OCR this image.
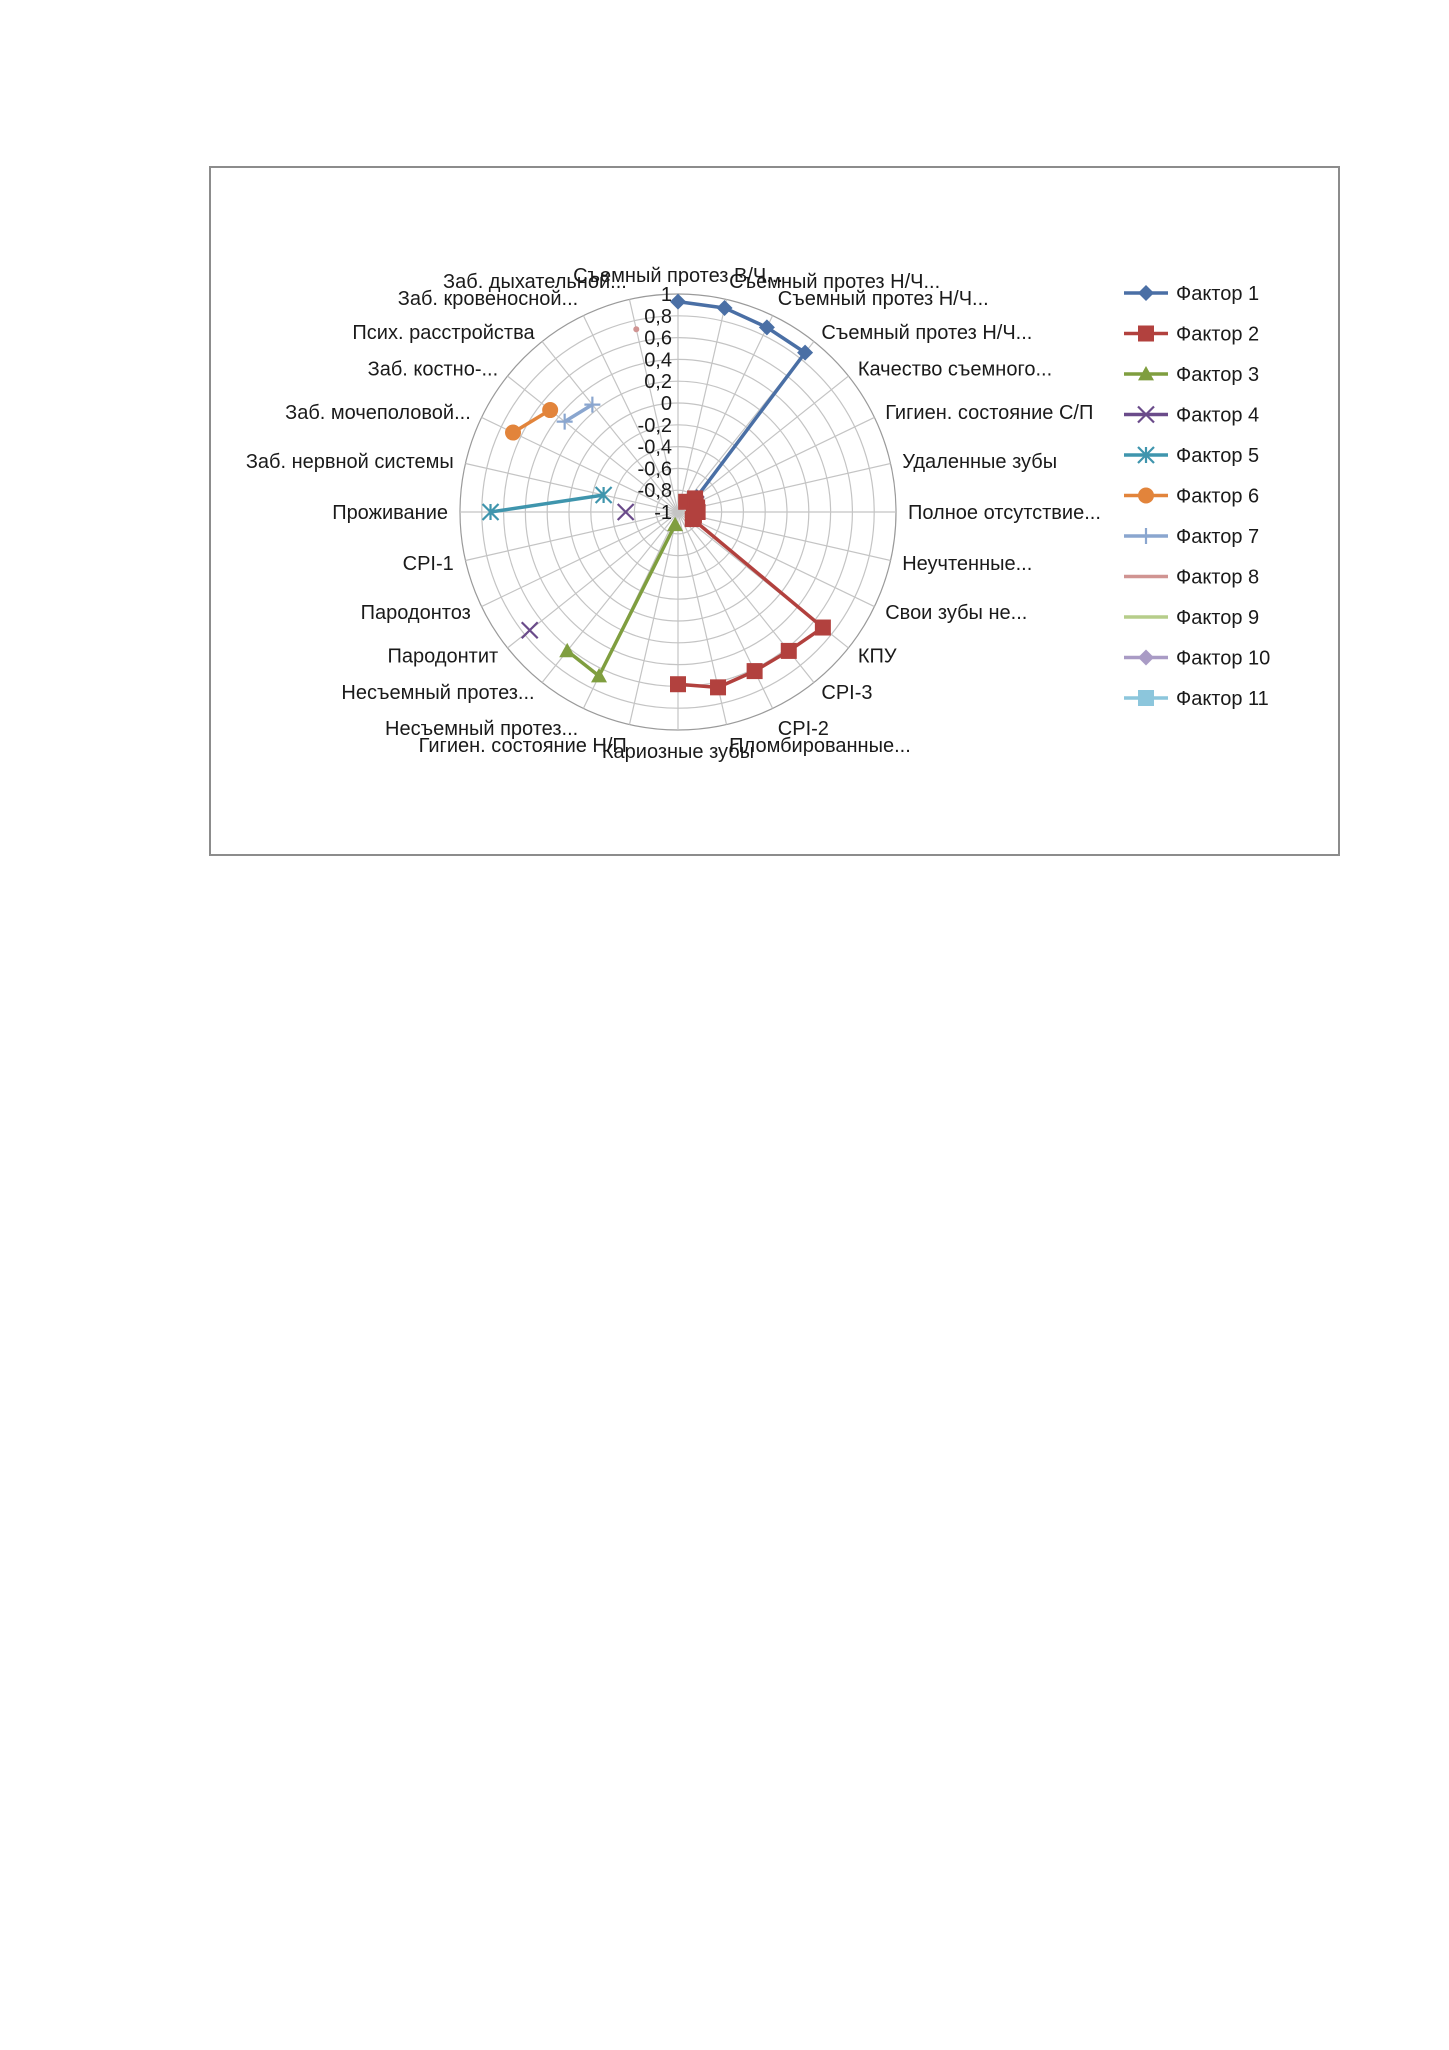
-1
-0,8
-0,6
-0,4
-0,2
0
0,2
0,4
0,6
0,8
1
Съемный протез В/Ч...
Съемный протез Н/Ч...
Съемный протез Н/Ч...
Съемный протез Н/Ч...
Качество съемного...
Гигиен. состояние С/П
Удаленные зубы
Полное отсутствие...
Неучтенные...
Свои зубы не...
КПУ
CPI-3
CPI-2
Пломбированные...
Кариозные зубы
Гигиен. состояние Н/П
Несъемный протез...
Несъемный протез...
Пародонтит
Пародонтоз
CPI-1
Проживание
Заб. нервной системы
Заб. мочеполовой...
Заб. костно-...
Псих. расстройства
Заб. кровеносной...
Заб. дыхательной...
Фактор 1
Фактор 2
Фактор 3
Фактор 4
Фактор 5
Фактор 6
Фактор 7
Фактор 8
Фактор 9
Фактор 10
Фактор 11
